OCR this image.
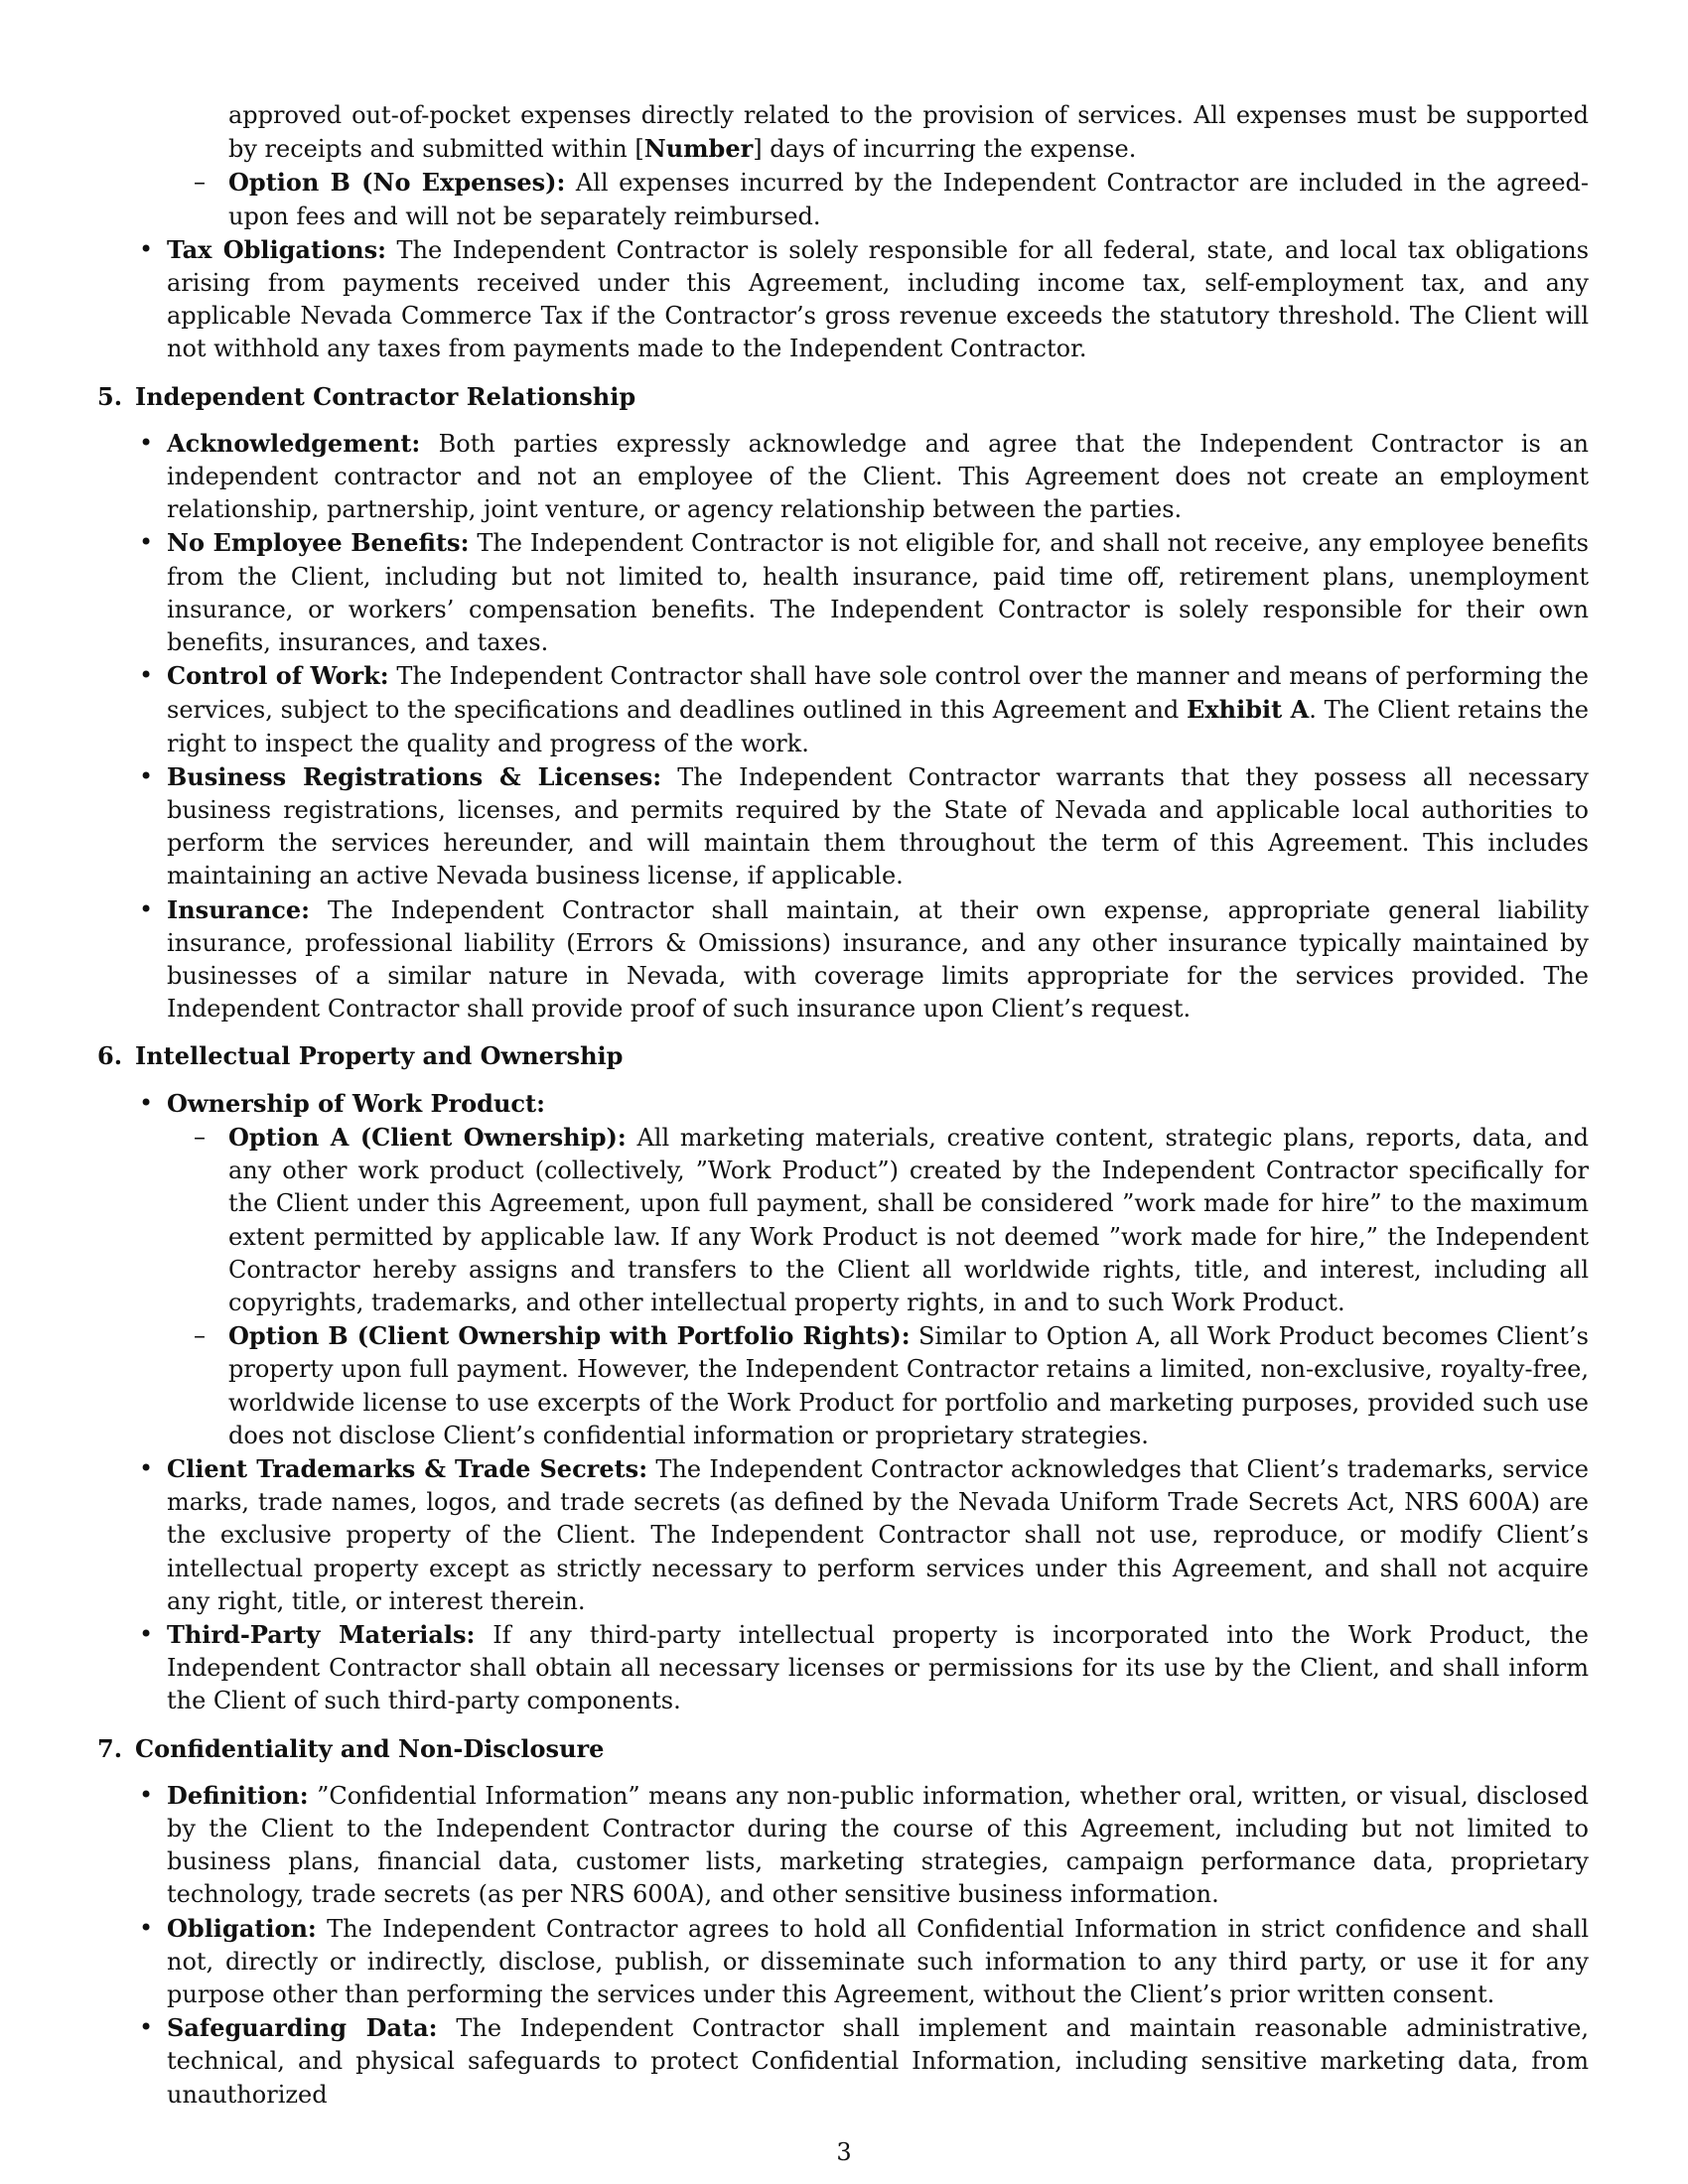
approved out-of-pocket expenses directly related to the provision of services. All expenses must be supported by receipts and submitted within [Number] days of incurring the expense.
– Option B (No Expenses): All expenses incurred by the Independent Contractor are included in the agreed-upon fees and will not be separately reimbursed.
• Tax Obligations: The Independent Contractor is solely responsible for all federal, state, and local tax obligations arising from payments received under this Agreement, including income tax, self-employment tax, and any applicable Nevada Commerce Tax if the Contractor’s gross revenue exceeds the statutory threshold. The Client will not withhold any taxes from payments made to the Independent Contractor.
5. Independent Contractor Relationship
• Acknowledgement: Both parties expressly acknowledge and agree that the Independent Contractor is an independent contractor and not an employee of the Client. This Agreement does not create an employment relationship, partnership, joint venture, or agency relationship between the parties.
• No Employee Benefits: The Independent Contractor is not eligible for, and shall not receive, any employee benefits from the Client, including but not limited to, health insurance, paid time off, retirement plans, unemployment insurance, or workers’ compensation benefits. The Independent Contractor is solely responsible for their own benefits, insurances, and taxes.
• Control of Work: The Independent Contractor shall have sole control over the manner and means of performing the services, subject to the specifications and deadlines outlined in this Agreement and Exhibit A. The Client retains the right to inspect the quality and progress of the work.
• Business Registrations & Licenses: The Independent Contractor warrants that they possess all necessary business registrations, licenses, and permits required by the State of Nevada and applicable local authorities to perform the services hereunder, and will maintain them throughout the term of this Agreement. This includes maintaining an active Nevada business license, if applicable.
• Insurance: The Independent Contractor shall maintain, at their own expense, appropriate general liability insurance, professional liability (Errors & Omissions) insurance, and any other insurance typically maintained by businesses of a similar nature in Nevada, with coverage limits appropriate for the services provided. The Independent Contractor shall provide proof of such insurance upon Client’s request.
6. Intellectual Property and Ownership
• Ownership of Work Product:
– Option A (Client Ownership): All marketing materials, creative content, strategic plans, reports, data, and any other work product (collectively, ”Work Product”) created by the Independent Contractor specifically for the Client under this Agreement, upon full payment, shall be considered ”work made for hire” to the maximum extent permitted by applicable law. If any Work Product is not deemed ”work made for hire,” the Independent Contractor hereby assigns and transfers to the Client all worldwide rights, title, and interest, including all copyrights, trademarks, and other intellectual property rights, in and to such Work Product.
– Option B (Client Ownership with Portfolio Rights): Similar to Option A, all Work Product becomes Client’s property upon full payment. However, the Independent Contractor retains a limited, non-exclusive, royalty-free, worldwide license to use excerpts of the Work Product for portfolio and marketing purposes, provided such use does not disclose Client’s confidential information or proprietary strategies.
• Client Trademarks & Trade Secrets: The Independent Contractor acknowledges that Client’s trademarks, service marks, trade names, logos, and trade secrets (as defined by the Nevada Uniform Trade Secrets Act, NRS 600A) are the exclusive property of the Client. The Independent Contractor shall not use, reproduce, or modify Client’s intellectual property except as strictly necessary to perform services under this Agreement, and shall not acquire any right, title, or interest therein.
• Third-Party Materials: If any third-party intellectual property is incorporated into the Work Product, the Independent Contractor shall obtain all necessary licenses or permissions for its use by the Client, and shall inform the Client of such third-party components.
7. Confidentiality and Non-Disclosure
• Definition: ”Confidential Information” means any non-public information, whether oral, written, or visual, disclosed by the Client to the Independent Contractor during the course of this Agreement, including but not limited to business plans, financial data, customer lists, marketing strategies, campaign performance data, proprietary technology, trade secrets (as per NRS 600A), and other sensitive business information.
• Obligation: The Independent Contractor agrees to hold all Confidential Information in strict confidence and shall not, directly or indirectly, disclose, publish, or disseminate such information to any third party, or use it for any purpose other than performing the services under this Agreement, without the Client’s prior written consent.
• Safeguarding Data: The Independent Contractor shall implement and maintain reasonable administrative, technical, and physical safeguards to protect Confidential Information, including sensitive marketing data, from unauthorized
3
